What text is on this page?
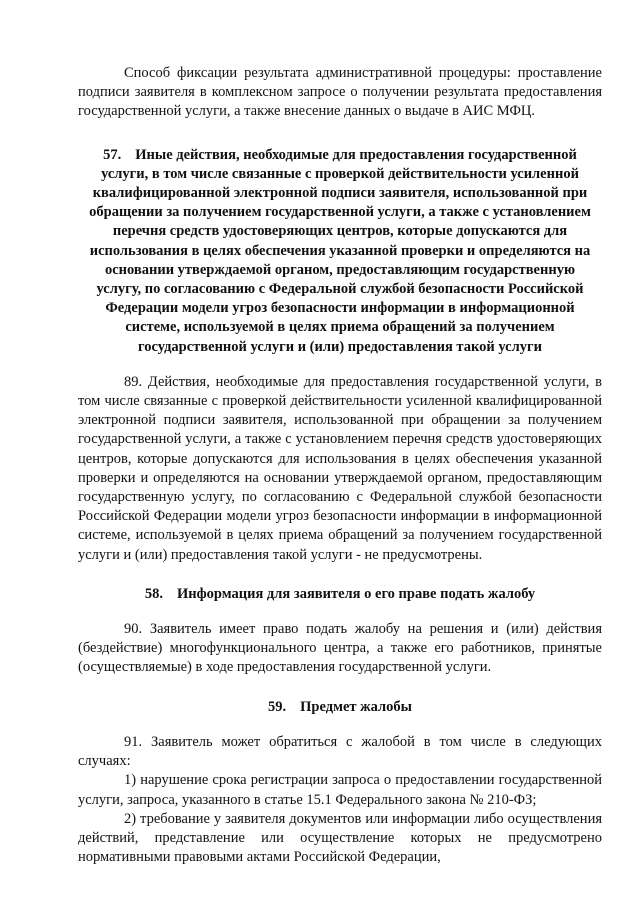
Способ фиксации результата административной процедуры: проставление подписи заявителя в комплексном запросе о получении результата предоставления государственной услуги, а также внесение данных о выдаче в АИС МФЦ.

57. Иные действия, необходимые для предоставления государственной услуги, в том числе связанные с проверкой действительности усиленной квалифицированной электронной подписи заявителя, использованной при обращении за получением государственной услуги, а также с установлением перечня средств удостоверяющих центров, которые допускаются для использования в целях обеспечения указанной проверки и определяются на основании утверждаемой органом, предоставляющим государственную услугу, по согласованию с Федеральной службой безопасности Российской Федерации модели угроз безопасности информации в информационной системе, используемой в целях приема обращений за получением государственной услуги и (или) предоставления такой услуги

89. Действия, необходимые для предоставления государственной услуги, в том числе связанные с проверкой действительности усиленной квалифицированной электронной подписи заявителя, использованной при обращении за получением государственной услуги, а также с установлением перечня средств удостоверяющих центров, которые допускаются для использования в целях обеспечения указанной проверки и определяются на основании утверждаемой органом, предоставляющим государственную услугу, по согласованию с Федеральной службой безопасности Российской Федерации модели угроз безопасности информации в информационной системе, используемой в целях приема обращений за получением государственной услуги и (или) предоставления такой услуги - не предусмотрены.

58. Информация для заявителя о его праве подать жалобу

90. Заявитель имеет право подать жалобу на решения и (или) действия (бездействие) многофункционального центра, а также его работников, принятые (осуществляемые) в ходе предоставления государственной услуги.

59. Предмет жалобы

91. Заявитель может обратиться с жалобой в том числе в следующих случаях:

1) нарушение срока регистрации запроса о предоставлении государственной услуги, запроса, указанного в статье 15.1 Федерального закона № 210-ФЗ;

2) требование у заявителя документов или информации либо осуществления действий, представление или осуществление которых не предусмотрено нормативными правовыми актами Российской Федерации,
